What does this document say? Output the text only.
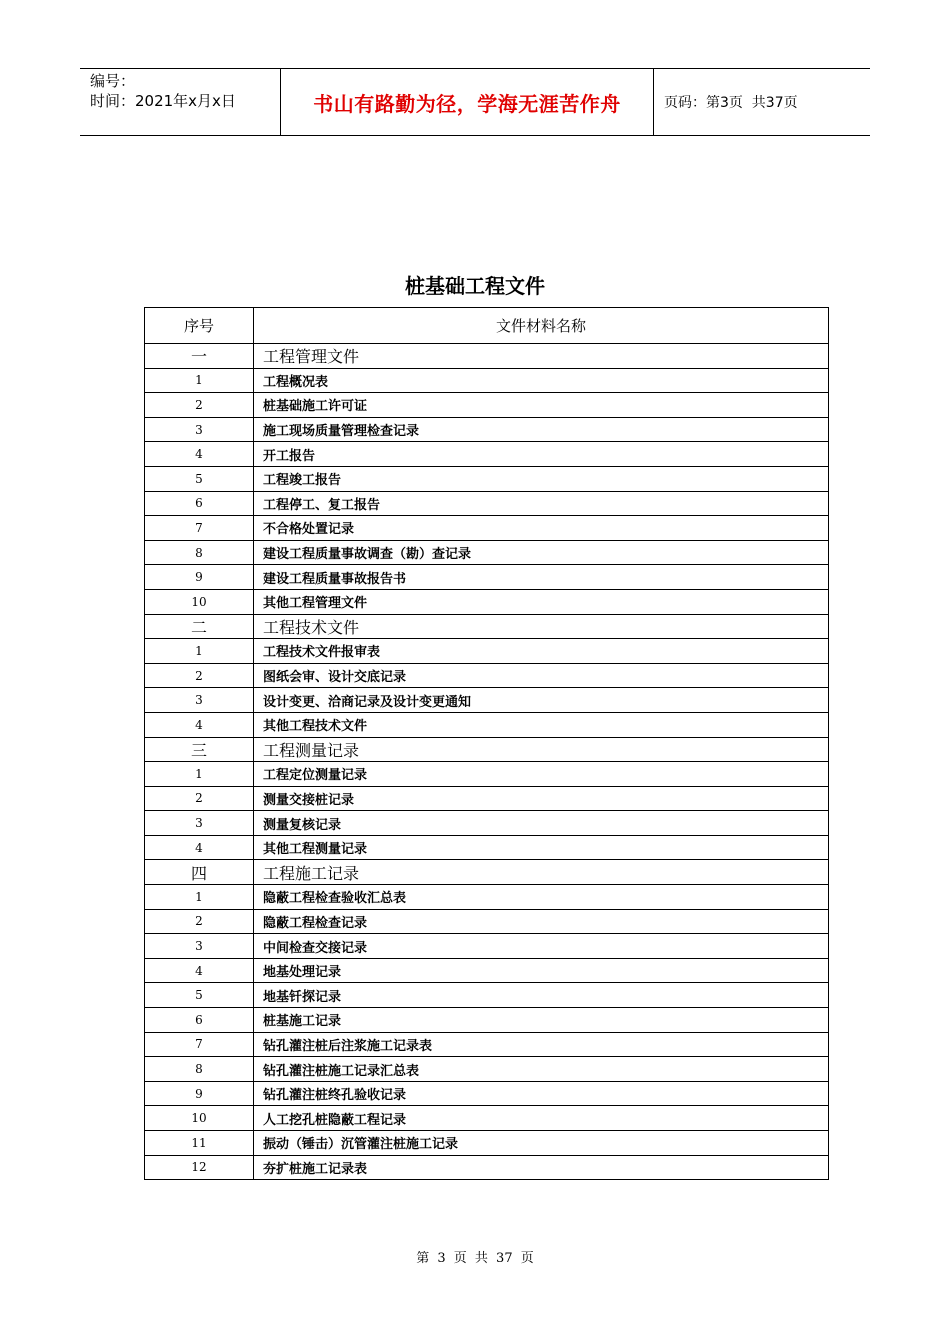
编号：
时间：2021年x月x日	书山有路勤为径，学海无涯苦作舟	页码：第3页  共37页
桩基础工程文件
序号	文件材料名称
一	工程管理文件
1	工程概况表
2	桩基础施工许可证
3	施工现场质量管理检查记录
4	开工报告
5	工程竣工报告
6	工程停工、复工报告
7	不合格处置记录
8	建设工程质量事故调查（勘）查记录
9	建设工程质量事故报告书
10	其他工程管理文件
二	工程技术文件
1	工程技术文件报审表
2	图纸会审、设计交底记录
3	设计变更、洽商记录及设计变更通知
4	其他工程技术文件
三	工程测量记录
1	工程定位测量记录
2	测量交接桩记录
3	测量复核记录
4	其他工程测量记录
四	工程施工记录
1	隐蔽工程检查验收汇总表
2	隐蔽工程检查记录
3	中间检查交接记录
4	地基处理记录
5	地基钎探记录
6	桩基施工记录
7	钻孔灌注桩后注浆施工记录表
8	钻孔灌注桩施工记录汇总表
9	钻孔灌注桩终孔验收记录
10	人工挖孔桩隐蔽工程记录
11	振动（锤击）沉管灌注桩施工记录
12	夯扩桩施工记录表
第 3 页 共 37 页
